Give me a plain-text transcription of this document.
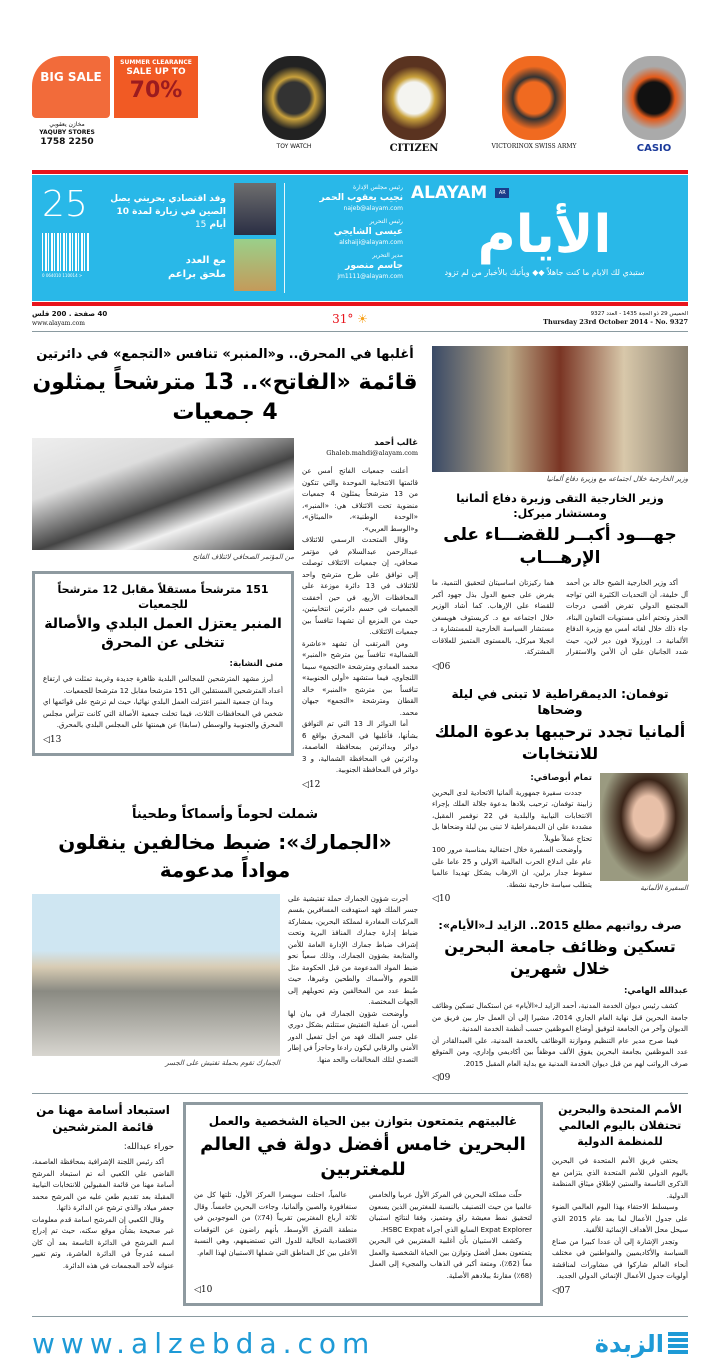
BIG SALE
SUMMER CLEARANCE
SALE UP TO
70%
مخازن يعقوبي
YAQUBY STORES
1758 2250	TOY WATCH	CITIZEN	VICTORINOX SWISS ARMY	CASIO
25
0 064010 110014 >
وفد اقتصادي بحريني يصل الصين في زيارة لمدة 10 أيام 15
مع العدد
ملحق براعم
رئيس مجلس الإدارة
نجيب يعقوب الحمر
najeb@alayam.com
رئيس التحرير
عيسى الشايجي
alshaiji@alayam.com
مدير التحرير
جاسم منصور
jm1111@alayam.com
ALAYAM	AR
الأيام
ستبدي لك الايام ما كنت جاهلاً ◆◆ ويأتيك بالأخبار من لم تزود
40 صفحة . 200 فلس
www.alayam.com	31° ☀	الخميس 29 ذو الحجة 1435 - العدد 9327
Thursday 23rd October 2014 - No. 9327
أغلبها في المحرق.. و«المنبر» تنافس «التجمع» في دائرتين
قائمة «الفاتح».. 13 مترشحاً يمثلون 4 جمعيات
من المؤتمر الصحافي لائتلاف الفاتح
151 مترشحاً مستقلاً مقابل 12 مترشحاً للجمعيات
المنبر يعتزل العمل البلدي والأصالة تتخلى عن المحرق
منى النشابة:

أبرز مشهد المترشحين للمجالس البلدية ظاهرة جديدة وغريبة تمثلت في ارتفاع أعداد المترشحين المستقلين الى 151 مترشحا مقابل 12 مترشحا للجمعيات.

وبدا ان جمعية المنبر اعتزلت العمل البلدي نهائيا، حيث لم ترشح على قوائمها اي شخص في المحافظات الثلاث، فيما تخلت جمعية الأصالة التي كانت تترأس مجلس المحرق والجنوبية والوسطى (سابقا) عن هيمنتها على المجلس البلدي بالمحرق.

◁13
غالب أحمد
Ghaleb.mahdi@alayam.com

أعلنت جمعيات الفاتح أمس عن قائمتها الانتخابية الموحدة والتي تتكون من 13 مترشحاً يمثلون 4 جمعيات منضوية تحت الائتلاف هي: «المنبر»، «الوحدة الوطنية»، «الميثاق»، و«الوسط العربي».

وقال المتحدث الرسمي للائتلاف عبدالرحمن عبدالسلام في مؤتمر صحافي، إن جمعيات الائتلاف توصلت إلى توافق على طرح مترشح واحد للائتلاف في 13 دائرة موزعة على المحافظات الأربع، في حين أخفقت الجمعيات في حسم دائرتين انتخابيتين، حيث من المزمع أن تشهدا تنافساً بين جمعيات الائتلاف.

ومن المرتقب أن تشهد «عاشرة الشمالية» تنافساً بين مترشح «المنبر» محمد العمادي ومترشحة «التجمع» سيما اللنجاوي، فيما ستشهد «أولى الجنوبية» تنافساً بين مترشح «المنبر» خالد القطان ومترشحة «التجمع» جيهان محمد.

أما الدوائر الـ 13 التي تم التوافق بشأنها، فأغلبها في المحرق بواقع 6 دوائر وبدائرتين بمحافظة العاصمة، ودائرتين في المحافظة الشمالية، و 3 دوائر في المحافظة الجنوبية.

◁12
شملت لحوماً وأسماكاً وطحيناً
«الجمارك»: ضبط مخالفين ينقلون مواداً مدعومة
الجمارك تقوم بحملة تفتيش على الجسر

أجرت شؤون الجمارك حملة تفتيشية على جسر الملك فهد استهدفت المسافرين بقسم المركبات المغادرة لمملكة البحرين، بمشاركة ضباط إدارة جمارك المنافذ البرية وتحت إشراف ضباط جمارك الإدارة العامة للأمن والمتابعة بشؤون الجمارك، وذلك سعياً نحو ضبط المواد المدعومة من قبل الحكومة مثل اللحوم والأسماك والطحين وغيرها، حيث ضُبط عدد من المخالفين وتم تحويلهم إلى الجهات المختصة.

وأوضحت شؤون الجمارك في بيان لها أمس، أن عملية التفتيش ستتلتم بشكل دوري على جسر الملك فهد من أجل تفعيل الدور الأمني والرقابي ليكون رادعا وحاجزاً في إطار التصدي لتلك المخالفات والحد منها.

وزير الخارجية خلال اجتماعه مع وزيرة دفاع ألمانيا
وزير الخارجية التقى وزيرة دفاع ألمانيا ومستشار ميركل:
جهـــود أكبــر للقضـــاء على الإرهـــاب

أكد وزير الخارجية الشيخ خالد بن أحمد آل خليفة، أن التحديات الكثيرة التي تواجه المجتمع الدولي تفرض أقصى درجات الحذر وتحتم أعلى مستويات التعاون البناء، جاء ذلك خلال لقائه أمس مع وزيرة الدفاع الألمانية د. اورزولا فون دير لاين، حيث شدد الجانبان على أن الأمن والاستقرار هما ركيزتان اساسيتان لتحقيق التنمية، ما يفرض على جميع الدول بذل جهود أكبر للقضاء على الإرهاب. كما أشاد الوزير خلال اجتماعه مع د. كريستوف هويسغن مستشار السياسة الخارجية للمستشارة د. انجيلا ميركل، بالمستوى المتميز للعلاقات المشتركة.

◁06
توفمان: الديمقراطية لا تبنى في ليلة وضحاها
ألمانيا تجدد ترحيبها بدعوة الملك للانتخابات
تمام أبوصافي:

جددت سفيرة جمهورية ألمانيا الاتحادية لدى البحرين زابينة توفمان، ترحيب بلادها بدعوة جلالة الملك بإجراء الانتخابات النيابية والبلدية في 22 نوفمبر المقبل، مشددة على ان الديمقراطية لا تبنى بين ليلة وضحاها بل تحتاج عملاً طويلاً.

وأوضحت السفيرة خلال احتفالية بمناسبة مرور 100 عام على اندلاع الحرب العالمية الاولى و 25 عاما على سقوط جدار برلين، ان الارهاب يشكل تهديدا عالميا يتطلب سياسة خارجية نشطة.

◁10
السفيرة الألمانية
صرف رواتبهم مطلع 2015.. الزايد لـ«الأيام»:
تسكين وظائف جامعة البحرين خلال شهرين
عبدالله الهامي:

كشف رئيس ديوان الخدمة المدنية، أحمد الزايد لـ«الأيام» عن استكمال تسكين وظائف جامعة البحرين قبل نهاية العام الجاري 2014، مشيرا إلى أن العمل جار بين فريق من الديوان وآخر من الجامعة لتوفيق أوضاع الموظفين حسب أنظمة الخدمة المدنية.

فيما صرح مدير عام التنظيم وموازنة الوظائف بالخدمة المدنية، علي العبدالقادر أن عدد الموظفين بجامعة البحرين يفوق الألف موظفاً بين أكاديمي وإداري، ومن المتوقع صرف الرواتب لهم من قبل ديوان الخدمة المدنية مع بداية العام المقبل 2015.

◁09
استبعاد أسامة مهنا من قائمة المترشحين
حوراء عبدالله:

أكد رئيس اللجنة الإشرافية بمحافظة العاصمة، القاضي علي الكعبي أنه تم استبعاد المرشح أسامة مهنا من قائمة المقبولين للانتخابات النيابية المقبلة بعد تقديم طعن عليه من المرشح محمد جعفر ميلاد والذي ترشح عن الدائرة ذاتها.

وقال الكعبي إن المرشح اسامة قدم معلومات غير صحيحة بشأن موقع سكنه، حيث تم إدراج اسم المرشح في الدائرة التاسعة بعد أن كان اسمه مُدرجاً في الدائرة العاشرة، وتم تغيير عنوانه لأحد المجمعات في هذه الدائرة.

غالبيتهم يتمتعون بتوازن بين الحياة الشخصية والعمل
البحرين خامس أفضل دولة في العالم للمغتربين

حلّت مملكة البحرين في المركز الأول عربيا والخامس عالميا من حيث التصنيف بالنسبة للمغتربين الذين يسعون لتحقيق نمط معيشة راق ومتميز، وفقا لنتائج استبيان Expat Explorer السابع الذي أجراه HSBC Expat.

وكشف الاستبيان بأن أغلبية المغتربين في البحرين يتمتعون بعمل أفضل وتوازن بين الحياة الشخصية والعمل معاً (62٪)، ومتعة أكبر في الذهاب والمجيء إلى العمل (68٪) مقارنةً ببلادهم الأصلية.

عالمياً، احتلت سويسرا المركز الأول، تلتها كل من سنغافورة والصين وألمانيا، وجاءت البحرين خامساً. وقال ثلاثة أرباع المغتربين تقريباً (74٪) من الموجودين في منطقة الشرق الأوسط، بأنهم راضون عن التوقعات الاقتصادية الحالية للدول التي تستضيفهم، وهي النسبة الأعلى بين كل المناطق التي شملها الاستبيان لهذا العام.

◁10
الأمم المتحدة والبحرين تحتفلان باليوم العالمي للمنظمة الدولية

يحتفي فريق الأمم المتحدة في البحرين باليوم الدولي للأمم المتحدة الذي يتزامن مع الذكرى التاسعة والستين لإطلاق ميثاق المنظمة الدولية.

وسيسلط الاحتفاء بهذا اليوم العالمي الضوء على جدول الأعمال لما بعد عام 2015 الذي سيحل محل الأهداف الإنمائية للألفية.

وتجدر الإشارة إلى أن عددا كبيرا من صناع السياسة والأكاديميين والمواطنين في مختلف أنحاء العالم شاركوا في مشاورات لمناقشة أولويات جدول الأعمال الإنمائي الدولي الجديد.

◁07
www.alzebda.com	الزبدة
